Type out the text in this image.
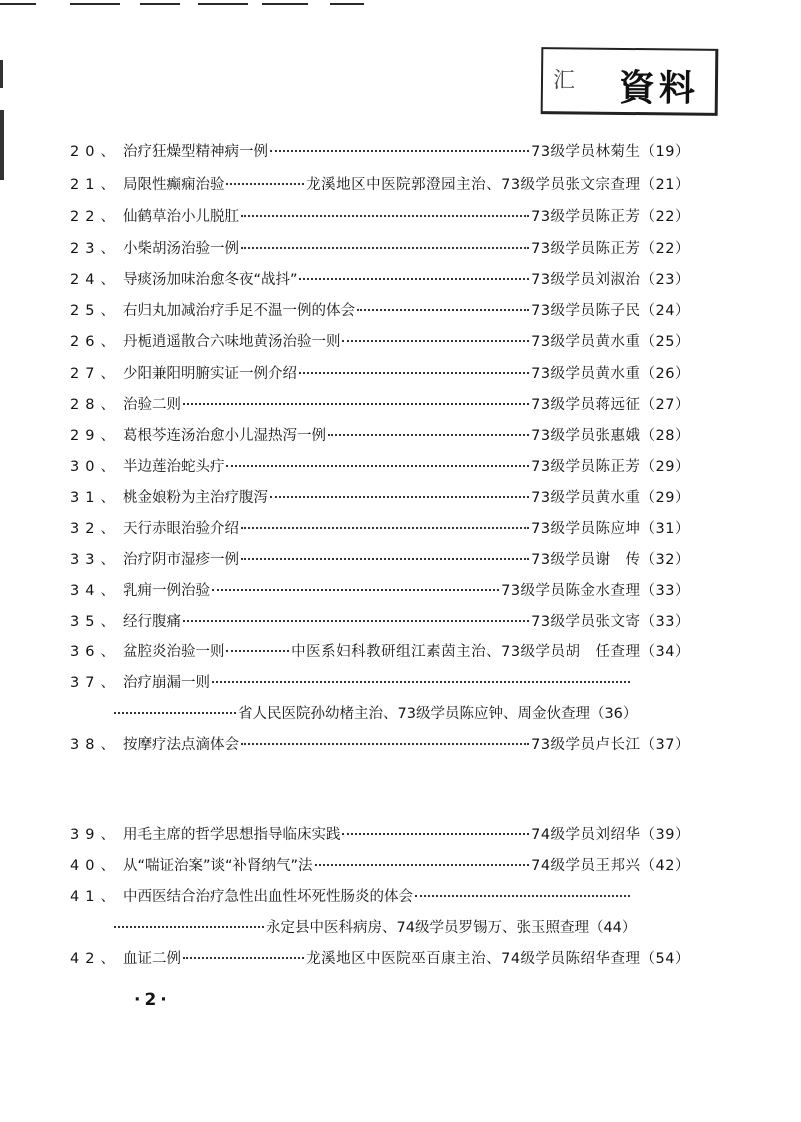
汇 資料
20、 治疗狂燥型精神病一例	73级学员林菊生（19）
21、 局限性癫痫治验	龙溪地区中医院郭澄园主治、73级学员张文宗查理（21）
22、 仙鹤草治小儿脱肛	73级学员陈正芳（22）
23、 小柴胡汤治验一例	73级学员陈正芳（22）
24、 导痰汤加味治愈冬夜“战抖”	73级学员刘淑治（23）
25、 右归丸加减治疗手足不温一例的体会	73级学员陈子民（24）
26、 丹栀逍遥散合六味地黄汤治验一则	73级学员黄水重（25）
27、 少阳兼阳明腑实证一例介绍	73级学员黄水重（26）
28、 治验二则	73级学员蒋远征（27）
29、 葛根芩连汤治愈小儿湿热泻一例	73级学员张惠娥（28）
30、 半边莲治蛇头疔	73级学员陈正芳（29）
31、 桃金娘粉为主治疗腹泻	73级学员黄水重（29）
32、 天行赤眼治验介绍	73级学员陈应坤（31）
33、 治疗阴市湿疹一例	73级学员谢　传（32）
34、 乳痈一例治验	73级学员陈金水查理（33）
35、 经行腹痛	73级学员张文寄（33）
36、 盆腔炎治验一则	中医系妇科教研组江素茵主治、73级学员胡　任查理（34）
37、 治疗崩漏一则
省人民医院孙幼楮主治、73级学员陈应钟、周金伙查理（36）
38、 按摩疗法点滴体会	73级学员卢长江（37）
39、 用毛主席的哲学思想指导临床实践	74级学员刘绍华（39）
40、 从“喘证治案”谈“补肾纳气”法	74级学员王邦兴（42）
41、 中西医结合治疗急性出血性坏死性肠炎的体会
永定县中医科病房、74级学员罗锡万、张玉照查理（44）
42、 血证二例	龙溪地区中医院巫百康主治、74级学员陈绍华查理（54）
·2·
